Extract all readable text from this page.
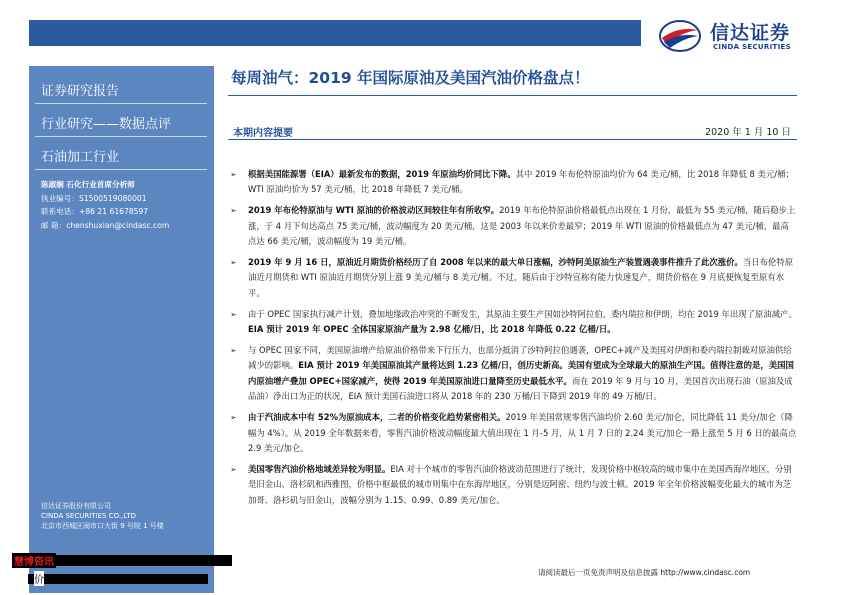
信达证券
CINDA SECURITIES
证券研究报告
行业研究——数据点评
石油加工行业
陈淑娴 石化行业首席分析师
执业编号：S1500519080001
联系电话：+86 21 61678597
邮 箱：chenshuxian@cindasc.com
信达证券股份有限公司
CINDA SECURITIES CO.,LTD
北京市西城区闹市口大街 9 号院 1 号楼
慧博资讯
价
每周油气：2019 年国际原油及美国汽油价格盘点！
本期内容提要	2020 年 1 月 10 日
➢ 根据美国能源署（EIA）最新发布的数据，2019 年原油均价同比下降。其中 2019 年布伦特原油均价为 64 美元/桶，比 2018 年降低 8 美元/桶；WTI 原油均价为 57 美元/桶，比 2018 年降低 7 美元/桶。
➢ 2019 年布伦特原油与 WTI 原油的价格波动区间较往年有所收窄。2019 年布伦特原油价格最低点出现在 1 月份，最低为 55 美元/桶，随后稳步上涨，于 4 月下旬达高点 75 美元/桶，波动幅度为 20 美元/桶，这是 2003 年以来价差最窄；2019 年 WTI 原油的价格最低点为 47 美元/桶，最高点达 66 美元/桶，波动幅度为 19 美元/桶。
➢ 2019 年 9 月 16 日，原油近月期货价格经历了自 2008 年以来的最大单日涨幅，沙特阿美原油生产装置遇袭事件推升了此次涨价。当日布伦特原油近月期货和 WTI 原油近月期货分别上涨 9 美元/桶与 8 美元/桶。不过，随后由于沙特宣称有能力快速复产，期货价格在 9 月底便恢复至原有水平。
➢ 由于 OPEC 国家执行减产计划，叠加地缘政治冲突的不断发生，其原油主要生产国如沙特阿拉伯，委内瑞拉和伊朗，均在 2019 年出现了原油减产。EIA 预计 2019 年 OPEC 全体国家原油产量为 2.98 亿桶/日，比 2018 年降低 0.22 亿桶/日。
➢ 与 OPEC 国家不同，美国原油增产给原油价格带来下行压力，也部分抵消了沙特阿拉伯遇袭，OPEC+减产及美国对伊朗和委内瑞拉制裁对原油供给减少的影响。EIA 预计 2019 年美国原油其产量将达到 1.23 亿桶/日，创历史新高。美国有望成为全球最大的原油生产国。值得注意的是，美国国内原油增产叠加 OPEC+国家减产，使得 2019 年美国原油进口量降至历史最低水平。而在 2019 年 9 月与 10 月，美国首次出现石油（原油及成品油）净出口为正的状况，EIA 预计美国石油进口将从 2018 年的 230 万桶/日下降到 2019 年的 49 万桶/日。
➢ 由于汽油成本中有 52%为原油成本，二者的价格变化趋势紧密相关。2019 年美国常规零售汽油均价 2.60 美元/加仑，同比降低 11 美分/加仑（降幅为 4%）。从 2019 全年数据来看，零售汽油价格波动幅度最大值出现在 1 月-5 月，从 1 月 7 日的 2.24 美元/加仑一路上涨至 5 月 6 日的最高点 2.9 美元/加仑。
➢ 美国零售汽油价格地域差异较为明显。EIA 对十个城市的零售汽油价格波动范围进行了统计，发现价格中枢较高的城市集中在美国西海岸地区，分别是旧金山、洛杉矶和西雅图，价格中枢最低的城市则集中在东海岸地区，分别是迈阿密、纽约与波士顿。2019 年全年价格波幅变化最大的城市为芝加哥、洛杉矶与旧金山，波幅分别为 1.15、0.99、0.89 美元/加仑。
请阅读最后一页免责声明及信息披露 http://www.cindasc.com
